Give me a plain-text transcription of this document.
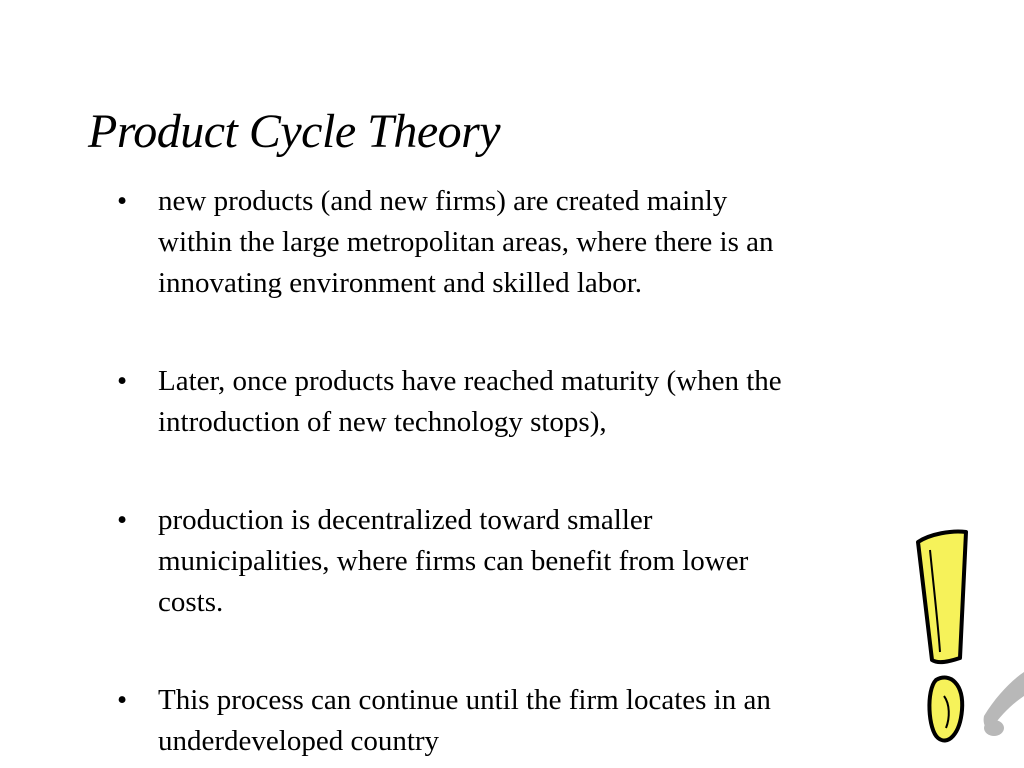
Product Cycle Theory
• new products (and new firms) are created mainly
within the large metropolitan areas, where there is an
innovating environment and skilled labor.
• Later, once products have reached maturity (when the
introduction of new technology stops),
• production is decentralized toward smaller
municipalities, where firms can benefit from lower
costs.
• This process can continue until the firm locates in an
underdeveloped country
